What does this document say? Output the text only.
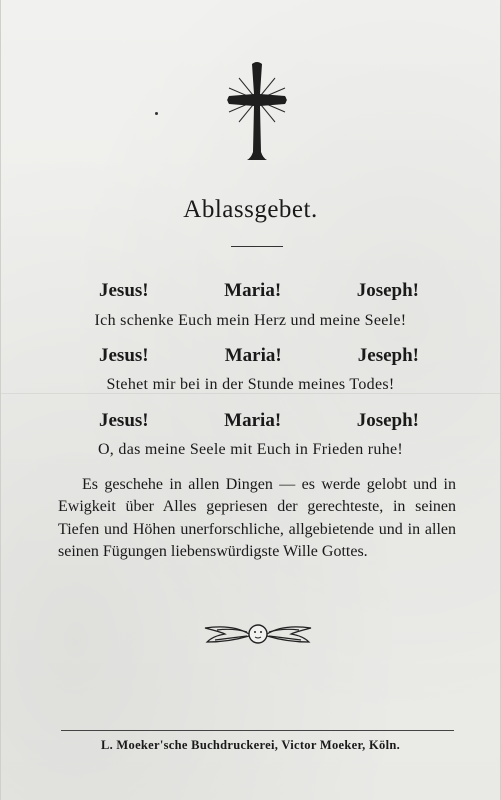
Ablassgebet.
Jesus!	Maria!	Joseph!
Ich schenke Euch mein Herz und meine Seele!
Jesus!	Maria!	Jeseph!
Stehet mir bei in der Stunde meines Todes!
Jesus!	Maria!	Joseph!
O, das meine Seele mit Euch in Frieden ruhe!

Es geschehe in allen Dingen — es werde gelobt und in Ewigkeit über Alles gepriesen der gerechteste, in seinen Tiefen und Höhen unerforschliche, allgebietende und in allen seinen Fügungen liebenswürdigste Wille Gottes.

L. Moeker'sche Buchdruckerei, Victor Moeker, Köln.
